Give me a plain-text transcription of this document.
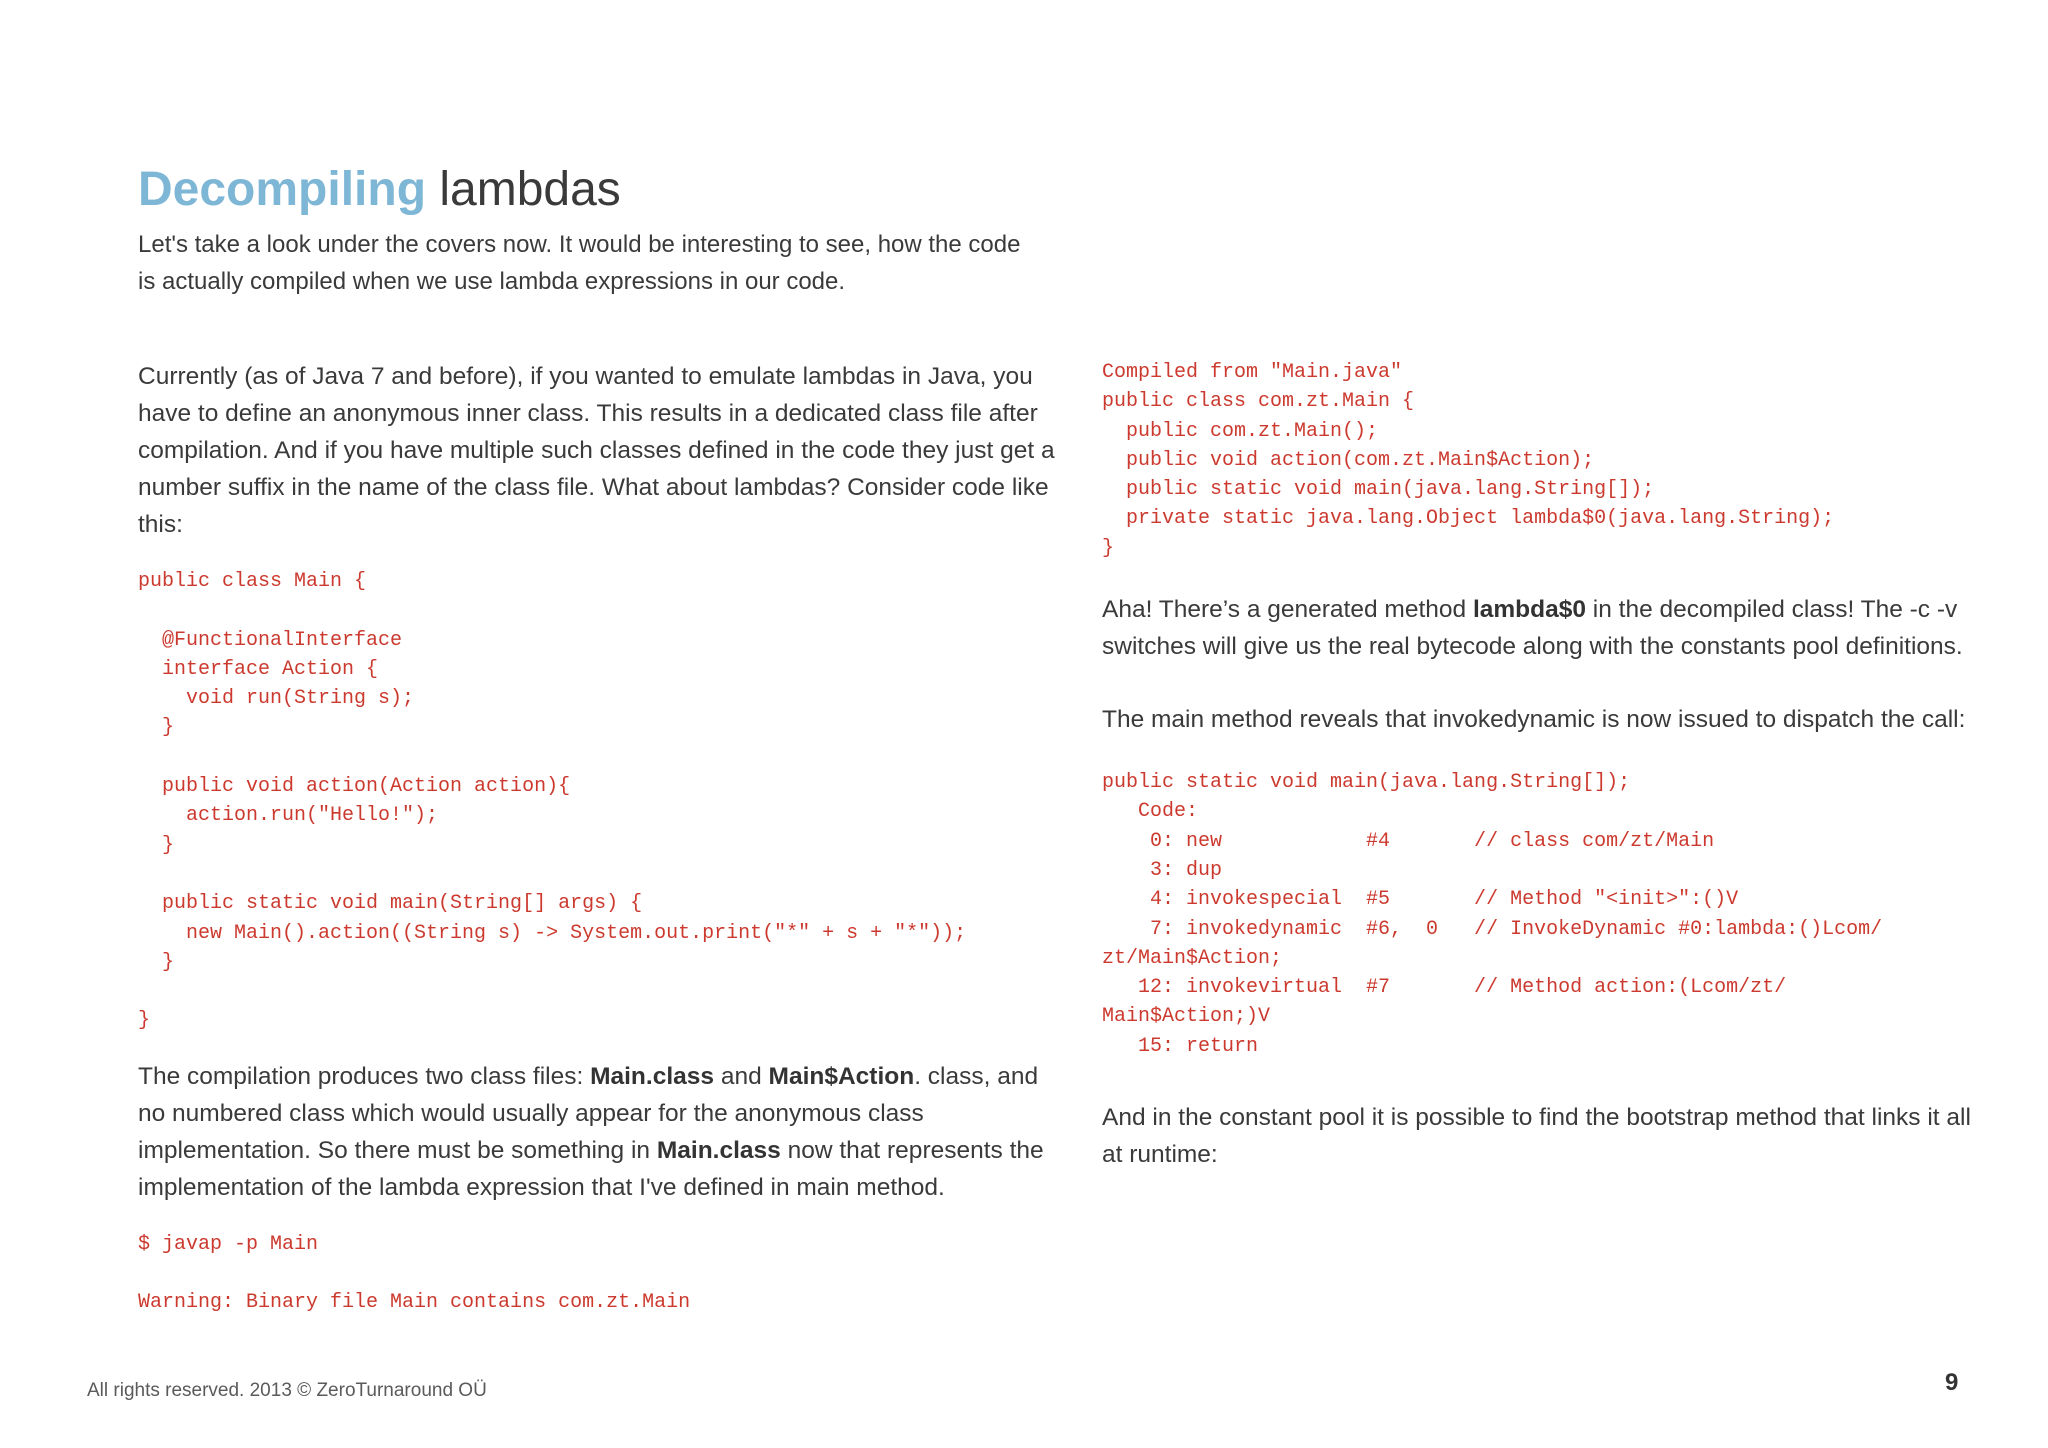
Decompiling lambdas

Let's take a look under the covers now. It would be interesting to see, how the code is actually compiled when we use lambda expressions in our code.

Currently (as of Java 7 and before), if you wanted to emulate lambdas in Java, you have to define an anonymous inner class. This results in a dedicated class file after compilation. And if you have multiple such classes defined in the code they just get a number suffix in the name of the class file. What about lambdas? Consider code like this:

public class Main {

@FunctionalInterface
interface Action {
void run(String s);
}

public void action(Action action){
action.run("Hello!");
}

public static void main(String[] args) {
new Main().action((String s) -> System.out.print("*" + s + "*"));
}

}

The compilation produces two class files: Main.class and Main$Action. class, and no numbered class which would usually appear for the anonymous class implementation. So there must be something in Main.class now that represents the implementation of the lambda expression that I've defined in main method.

$ javap -p Main
Warning: Binary file Main contains com.zt.Main
Compiled from "Main.java"
public class com.zt.Main {
public com.zt.Main();
public void action(com.zt.Main$Action);
public static void main(java.lang.String[]);
private static java.lang.Object lambda$0(java.lang.String);
}

Aha! There’s a generated method lambda$0 in the decompiled class! The -c -v switches will give us the real bytecode along with the constants pool definitions.

The main method reveals that invokedynamic is now issued to dispatch the call:

public static void main(java.lang.String[]);
Code:
0: new            #4       // class com/zt/Main
3: dup
4: invokespecial  #5       // Method "<init>":()V
7: invokedynamic  #6,  0   // InvokeDynamic #0:lambda:()Lcom/
zt/Main$Action;
12: invokevirtual  #7       // Method action:(Lcom/zt/
Main$Action;)V
15: return

And in the constant pool it is possible to find the bootstrap method that links it all at runtime:

All rights reserved. 2013 © ZeroTurnaround OÜ	9
